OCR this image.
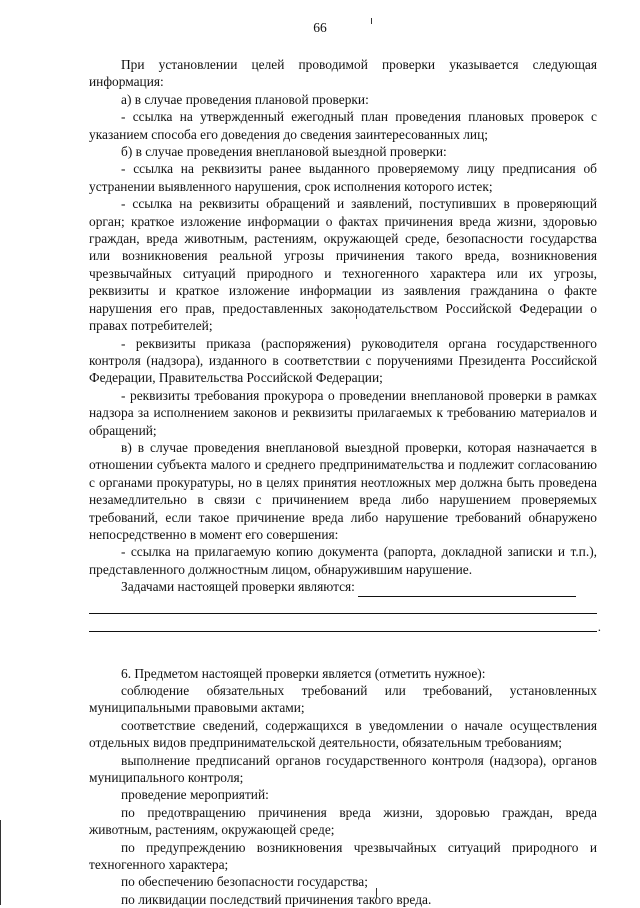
66

При установлении целей проводимой проверки указывается следующая информация:

а) в случае проведения плановой проверки:

- ссылка на утвержденный ежегодный план проведения плановых проверок с указанием способа его доведения до сведения заинтересованных лиц;

б) в случае проведения внеплановой выездной проверки:

- ссылка на реквизиты ранее выданного проверяемому лицу предписания об устранении выявленного нарушения, срок исполнения которого истек;

- ссылка на реквизиты обращений и заявлений, поступивших в проверяющий орган; краткое изложение информации о фактах причинения вреда жизни, здоровью граждан, вреда животным, растениям, окружающей среде, безопасности государства или возникновения реальной угрозы причинения такого вреда, возникновения чрезвычайных ситуаций природного и техногенного характера или их угрозы, реквизиты и краткое изложение информации из заявления гражданина о факте нарушения его прав, предоставленных законодательством Российской Федерации о правах потребителей;

- реквизиты приказа (распоряжения) руководителя органа государственного контроля (надзора), изданного в соответствии с поручениями Президента Российской Федерации, Правительства Российской Федерации;

- реквизиты требования прокурора о проведении внеплановой проверки в рамках надзора за исполнением законов и реквизиты прилагаемых к требованию материалов и обращений;

в) в случае проведения внеплановой выездной проверки, которая назначается в отношении субъекта малого и среднего предпринимательства и подлежит согласованию с органами прокуратуры, но в целях принятия неотложных мер должна быть проведена незамедлительно в связи с причинением вреда либо нарушением проверяемых требований, если такое причинение вреда либо нарушение требований обнаружено непосредственно в момент его совершения:

- ссылка на прилагаемую копию документа (рапорта, докладной записки и т.п.), представленного должностным лицом, обнаружившим нарушение.

Задачами настоящей проверки являются:

.

6. Предметом настоящей проверки является (отметить нужное):

соблюдение обязательных требований или требований, установленных муниципальными правовыми актами;

соответствие сведений, содержащихся в уведомлении о начале осуществления отдельных видов предпринимательской деятельности, обязательным требованиям;

выполнение предписаний органов государственного контроля (надзора), органов муниципального контроля;

проведение мероприятий:

по предотвращению причинения вреда жизни, здоровью граждан, вреда животным, растениям, окружающей среде;

по предупреждению возникновения чрезвычайных ситуаций природного и техногенного характера;

по обеспечению безопасности государства;

по ликвидации последствий причинения такого вреда.
